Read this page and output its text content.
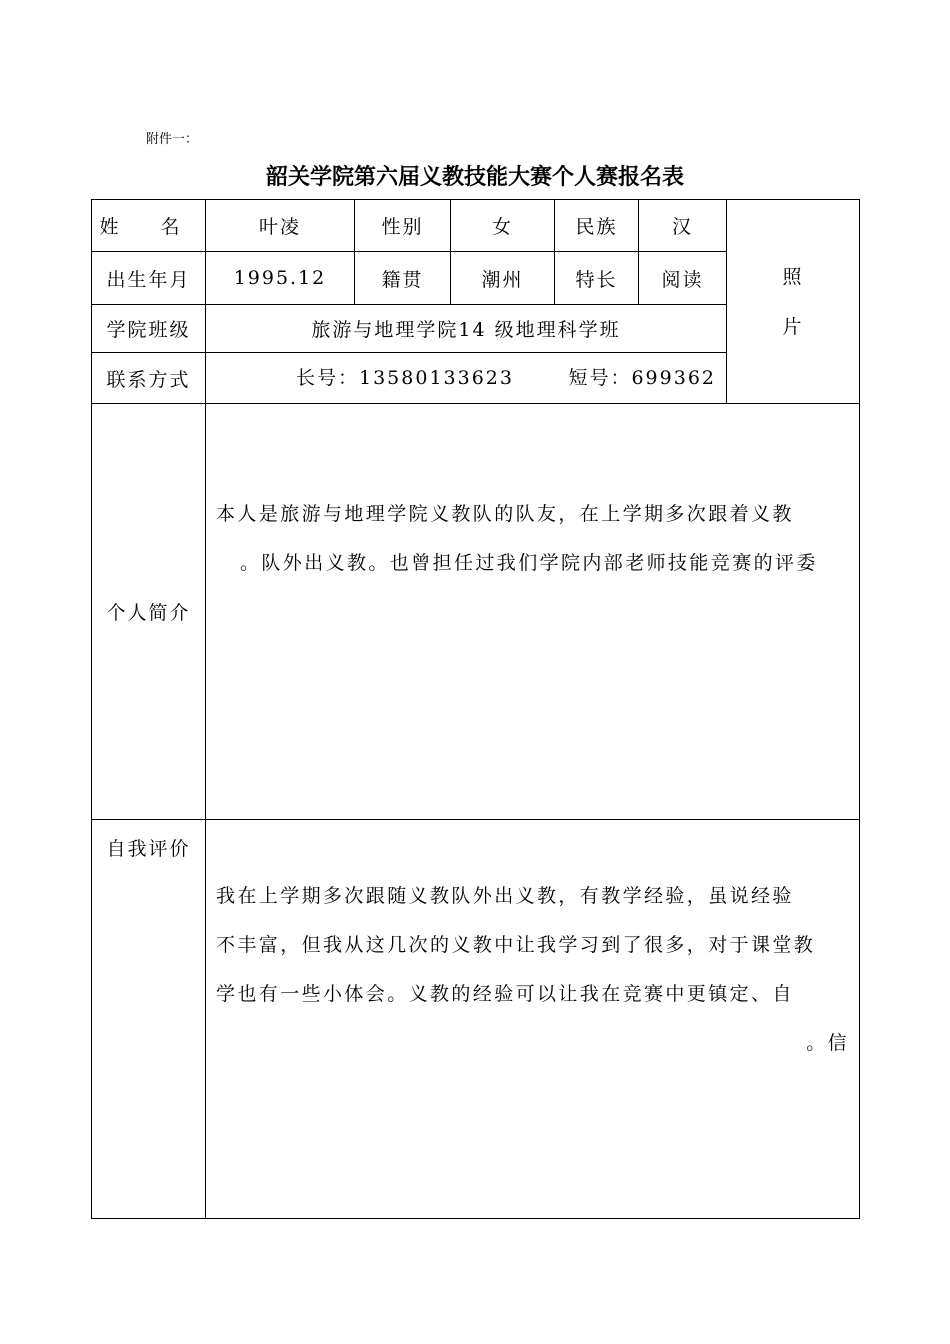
附件一：
韶关学院第六届义教技能大赛个人赛报名表
姓 名	叶凌	性别	女	民族	汉	照
片

出生年月	1995.12	籍贯	潮州	特长	阅读	
学院班级	旅游与地理学院14 级地理科学班					
联系方式	长号：13580133623 短号：699362					

个人简介	本人是旅游与地理学院义教队的队友，在上学期多次跟着义教
。队外出义教。也曾担任过我们学院内部老师技能竞赛的评委					

自我评价	我在上学期多次跟随义教队外出义教，有教学经验，虽说经验
不丰富，但我从这几次的义教中让我学习到了很多，对于课堂教
学也有一些小体会。义教的经验可以让我在竞赛中更镇定、自
。信					
